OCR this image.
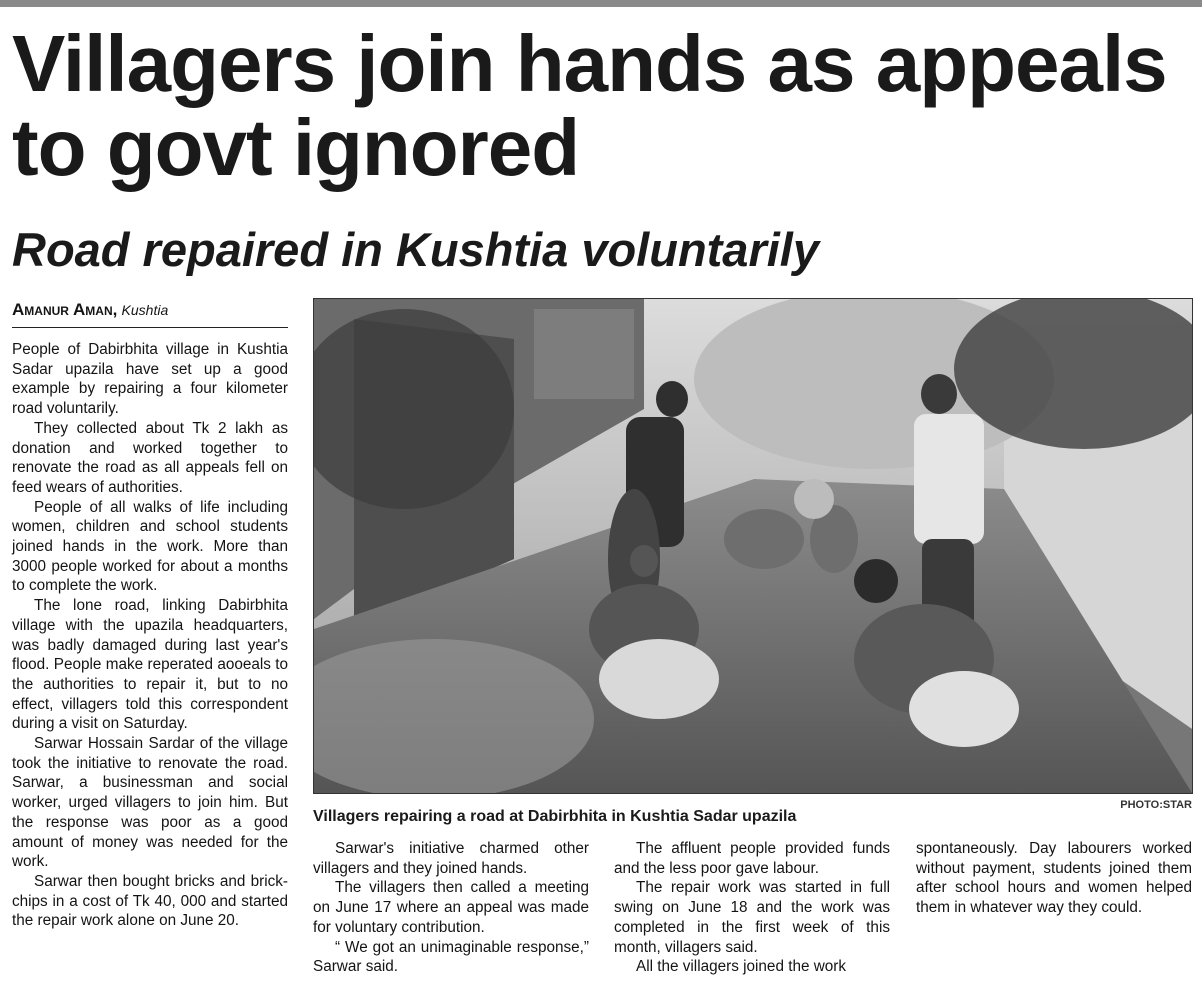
Villagers join hands as appeals to govt ignored
Road repaired in Kushtia voluntarily
Amanur Aman, Kushtia

People of Dabirbhita village in Kushtia Sadar upazila have set up a good example by repairing a four kilometer road voluntarily.

They collected about Tk 2 lakh as donation and worked together to renovate the road as all appeals fell on feed wears of authorities.

People of all walks of life including women, children and school students joined hands in the work. More than 3000 people worked for about a months to complete the work.

The lone road, linking Dabirbhita village with the upazila headquarters, was badly damaged during last year's flood. People make reperated aooeals to the authorities to repair it, but to no effect, villagers told this correspondent during a visit on Saturday.

Sarwar Hossain Sardar of the village took the initiative to renovate the road. Sarwar, a businessman and social worker, urged villagers to join him. But the response was poor as a good amount of money was needed for the work.

Sarwar then bought bricks and brick-chips in a cost of Tk 40, 000 and started the repair work alone on June 20.

PHOTO:STAR
Villagers repairing a road at Dabirbhita in Kushtia Sadar upazila

Sarwar's initiative charmed other villagers and they joined hands.

The villagers then called a meeting on June 17 where an appeal was made for voluntary contribution.

“ We got an unimaginable response,” Sarwar said.

The affluent people provided funds and the less poor gave labour.

The repair work was started in full swing on June 18 and the work was completed in the first week of this month, villagers said.

All the villagers joined the work

spontaneously. Day labourers worked without payment, students joined them after school hours and women helped them in whatever way they could.
